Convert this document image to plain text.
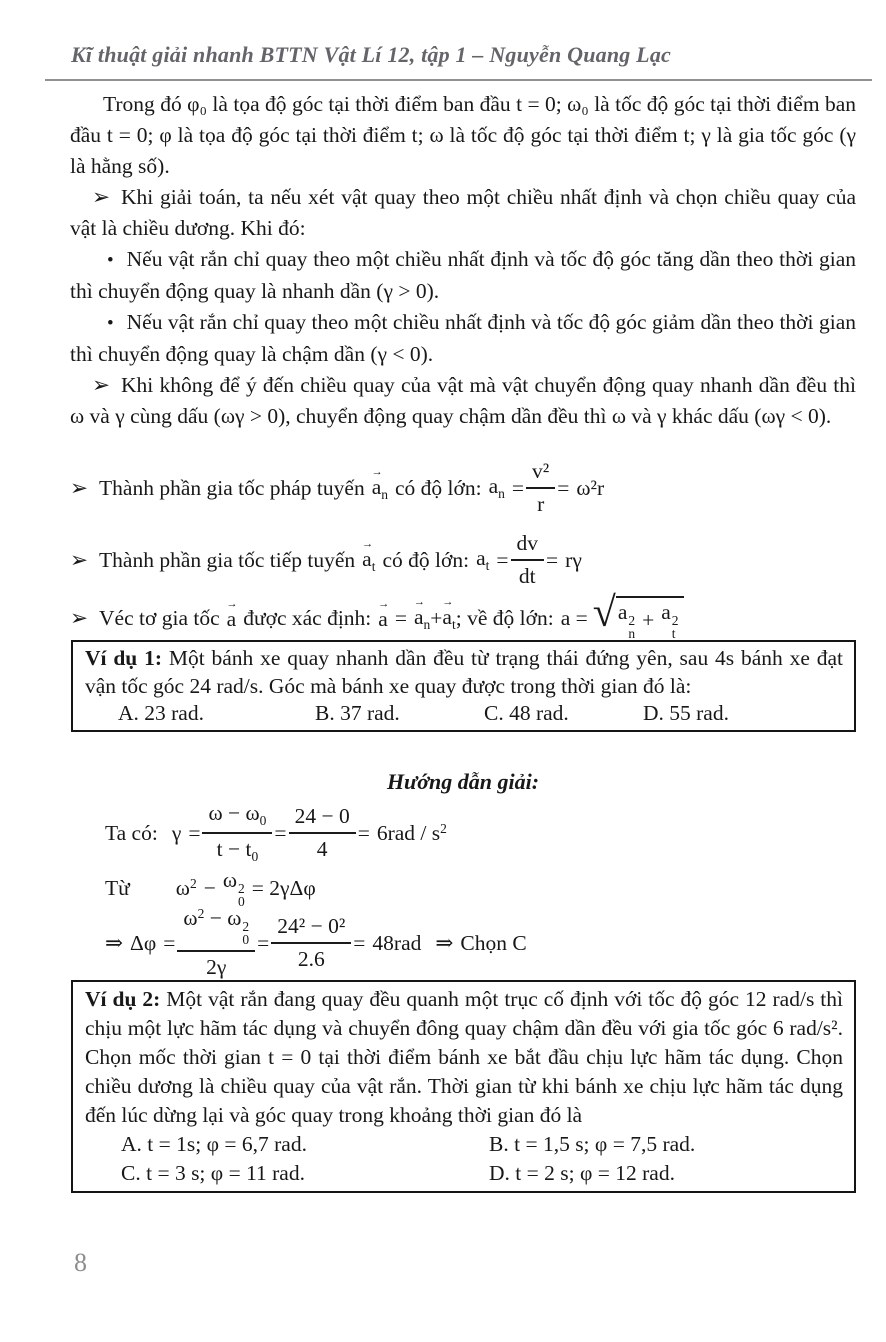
Kĩ thuật giải nhanh BTTN Vật Lí 12, tập 1 – Nguyễn Quang Lạc

Trong đó φ₀ là tọa độ góc tại thời điểm ban đầu t = 0; ω₀ là tốc độ góc tại thời điểm ban đầu t = 0; φ là tọa độ góc tại thời điểm t; ω là tốc độ góc tại thời điểm t; γ là gia tốc góc (γ là hằng số).

➢ Khi giải toán, ta nếu xét vật quay theo một chiều nhất định và chọn chiều quay của vật là chiều dương. Khi đó:

• Nếu vật rắn chỉ quay theo một chiều nhất định và tốc độ góc tăng dần theo thời gian thì chuyển động quay là nhanh dần (γ > 0).

• Nếu vật rắn chỉ quay theo một chiều nhất định và tốc độ góc giảm dần theo thời gian thì chuyển động quay là chậm dần (γ < 0).

➢ Khi không để ý đến chiều quay của vật mà vật chuyển động quay nhanh dần đều thì ω và γ cùng dấu (ωγ > 0), chuyển động quay chậm dần đều thì ω và γ khác dấu (ωγ < 0).

➢ Thành phần gia tốc pháp tuyến → $a_n$ có độ lớn: $a_n = \frac{\text{v²}}{r} = \omega^2r$
➢ Thành phần gia tốc tiếp tuyến → $a_t$ có độ lớn: $a_t = \frac{dv}{dt} = r\gamma$
➢ Véc tơ gia tốc → a được xác định: → a = → $a_n$ + → $a_t$ ; về độ lớn: a = √ a 2
n
+ a 2
t

Ví dụ 1: Một bánh xe quay nhanh dần đều từ trạng thái đứng yên, sau 4s bánh xe đạt vận tốc góc 24 rad/s. Góc mà bánh xe quay được trong thời gian đó là:

A. 23 rad.	B. 37 rad.	C. 48 rad.	D. 55 rad.
Hướng dẫn giải:
Ta có: $\gamma = \frac{\omega - \omega_0}{t - t_0} = \frac{24 - 0}{4} = 6rad / s^2$
Từ $\omega^2 - \omega$ 2
0
= 2γΔφ
⇒ $\Delta\varphi = \omega^2 - \omega$ 2
0
$2\gamma = \frac{\text{24² − 0²}}{2.6} = 48rad$ ⇒ Chọn C

Ví dụ 2: Một vật rắn đang quay đều quanh một trục cố định với tốc độ góc 12 rad/s thì chịu một lực hãm tác dụng và chuyển đông quay chậm dần đều với gia tốc góc 6 rad/s². Chọn mốc thời gian t = 0 tại thời điểm bánh xe bắt đầu chịu lực hãm tác dụng. Chọn chiều dương là chiều quay của vật rắn. Thời gian từ khi bánh xe chịu lực hãm tác dụng đến lúc dừng lại và góc quay trong khoảng thời gian đó là

A. t = 1s; φ = 6,7 rad.	B. t = 1,5 s; φ = 7,5 rad.
C. t = 3 s; φ = 11 rad.	D. t = 2 s; φ = 12 rad.
8
